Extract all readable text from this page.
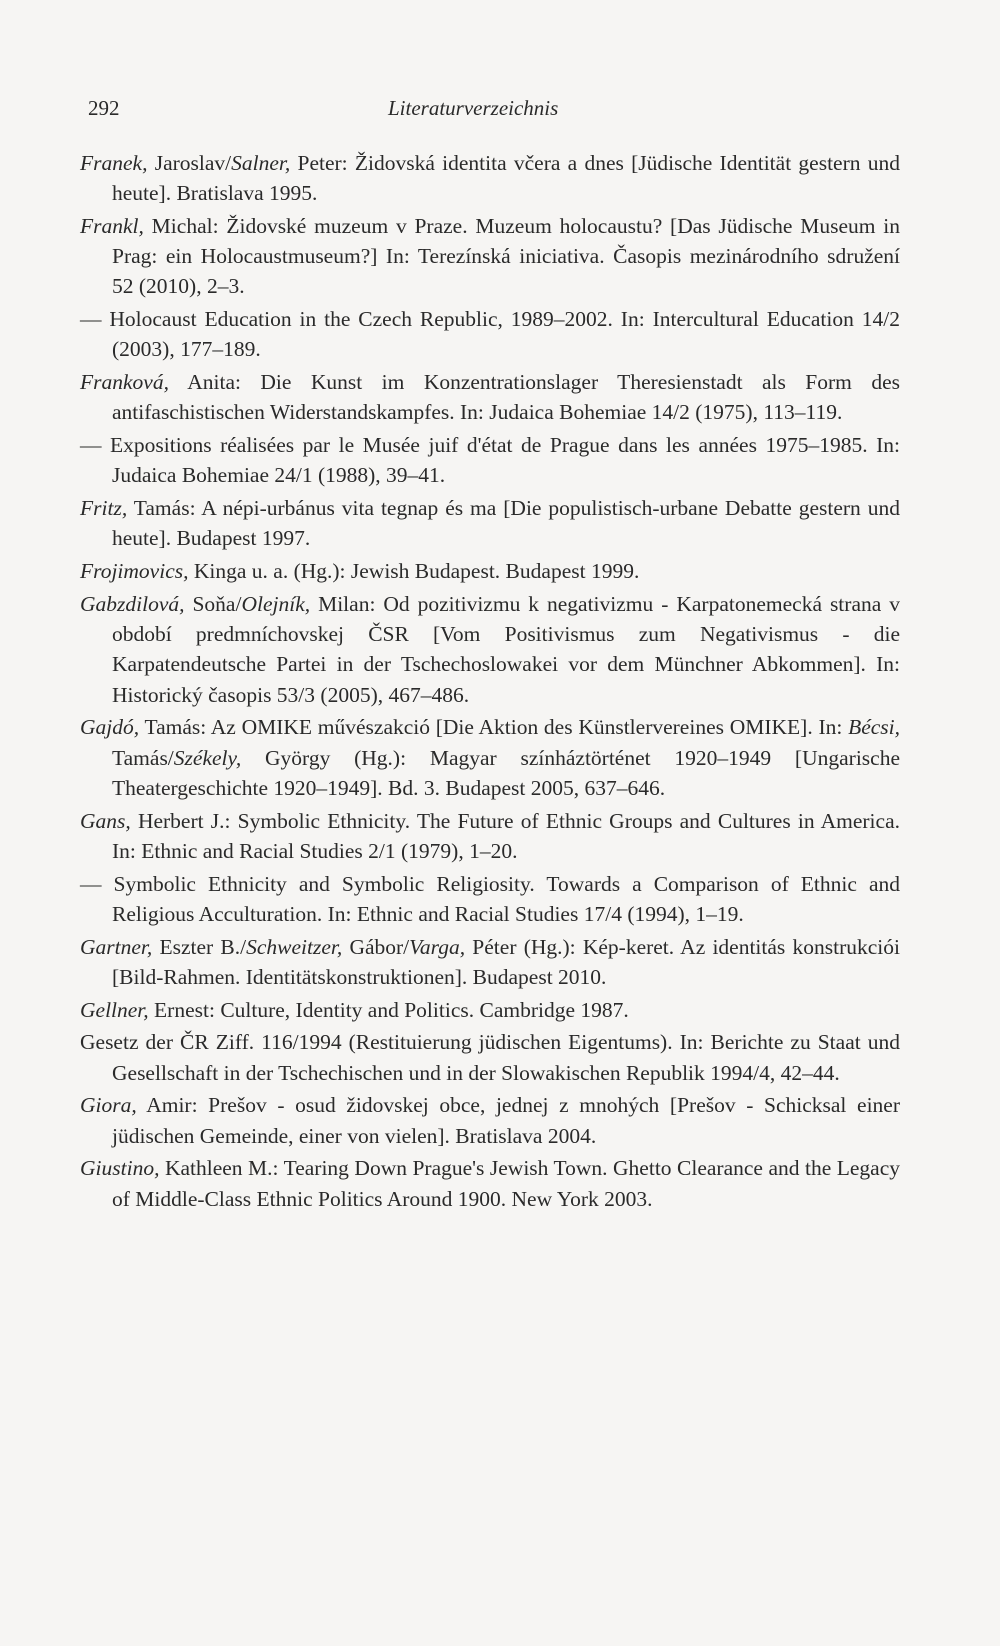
292	Literaturverzeichnis

Franek, Jaroslav/Salner, Peter: Židovská identita včera a dnes [Jüdische Identität gestern und heute]. Bratislava 1995.

Frankl, Michal: Židovské muzeum v Praze. Muzeum holocaustu? [Das Jüdische Museum in Prag: ein Holocaustmuseum?] In: Terezínská iniciativa. Časopis mezinárodního sdružení 52 (2010), 2–3.

— Holocaust Education in the Czech Republic, 1989–2002. In: Intercultural Education 14/2 (2003), 177–189.

Franková, Anita: Die Kunst im Konzentrationslager Theresienstadt als Form des antifaschistischen Widerstandskampfes. In: Judaica Bohemiae 14/2 (1975), 113–119.

— Expositions réalisées par le Musée juif d'état de Prague dans les années 1975–1985. In: Judaica Bohemiae 24/1 (1988), 39–41.

Fritz, Tamás: A népi-urbánus vita tegnap és ma [Die populistisch-urbane Debatte gestern und heute]. Budapest 1997.

Frojimovics, Kinga u. a. (Hg.): Jewish Budapest. Budapest 1999.

Gabzdilová, Soňa/Olejník, Milan: Od pozitivizmu k negativizmu - Karpatonemecká strana v období predmníchovskej ČSR [Vom Positivismus zum Negativismus - die Karpatendeutsche Partei in der Tschechoslowakei vor dem Münchner Abkommen]. In: Historický časopis 53/3 (2005), 467–486.

Gajdó, Tamás: Az OMIKE művészakció [Die Aktion des Künstlervereines OMIKE]. In: Bécsi, Tamás/Székely, György (Hg.): Magyar színháztörténet 1920–1949 [Ungarische Theatergeschichte 1920–1949]. Bd. 3. Budapest 2005, 637–646.

Gans, Herbert J.: Symbolic Ethnicity. The Future of Ethnic Groups and Cultures in America. In: Ethnic and Racial Studies 2/1 (1979), 1–20.

— Symbolic Ethnicity and Symbolic Religiosity. Towards a Comparison of Ethnic and Religious Acculturation. In: Ethnic and Racial Studies 17/4 (1994), 1–19.

Gartner, Eszter B./Schweitzer, Gábor/Varga, Péter (Hg.): Kép-keret. Az identitás konstrukciói [Bild-Rahmen. Identitätskonstruktionen]. Budapest 2010.

Gellner, Ernest: Culture, Identity and Politics. Cambridge 1987.

Gesetz der ČR Ziff. 116/1994 (Restituierung jüdischen Eigentums). In: Berichte zu Staat und Gesellschaft in der Tschechischen und in der Slowakischen Republik 1994/4, 42–44.

Giora, Amir: Prešov - osud židovskej obce, jednej z mnohých [Prešov - Schicksal einer jüdischen Gemeinde, einer von vielen]. Bratislava 2004.

Giustino, Kathleen M.: Tearing Down Prague's Jewish Town. Ghetto Clearance and the Legacy of Middle-Class Ethnic Politics Around 1900. New York 2003.
